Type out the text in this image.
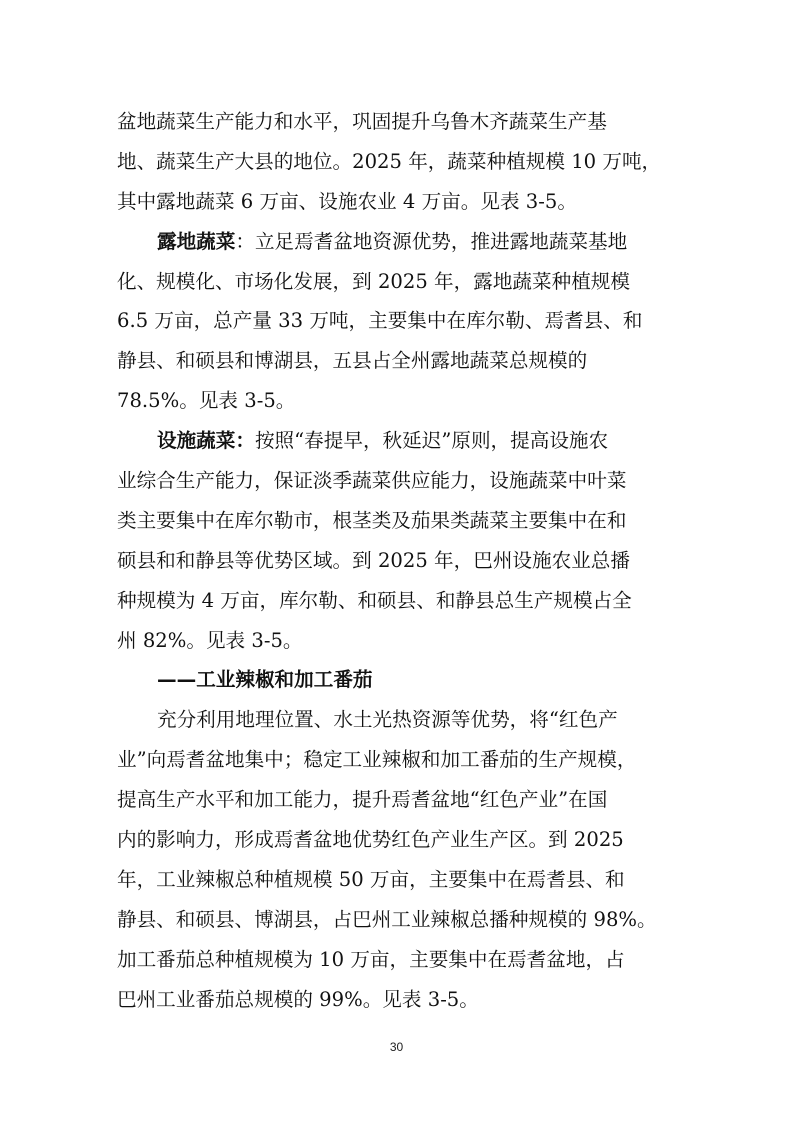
盆地蔬菜生产能力和水平，巩固提升乌鲁木齐蔬菜生产基
地、蔬菜生产大县的地位。2025 年，蔬菜种植规模 10 万吨，
其中露地蔬菜 6 万亩、设施农业 4 万亩。见表 3-5。
露地蔬菜：立足焉耆盆地资源优势，推进露地蔬菜基地
化、规模化、市场化发展，到 2025 年，露地蔬菜种植规模
6.5 万亩，总产量 33 万吨，主要集中在库尔勒、焉耆县、和
静县、和硕县和博湖县，五县占全州露地蔬菜总规模的
78.5%。见表 3-5。
设施蔬菜：按照“春提早，秋延迟”原则，提高设施农
业综合生产能力，保证淡季蔬菜供应能力，设施蔬菜中叶菜
类主要集中在库尔勒市，根茎类及茄果类蔬菜主要集中在和
硕县和和静县等优势区域。到 2025 年，巴州设施农业总播
种规模为 4 万亩，库尔勒、和硕县、和静县总生产规模占全
州 82%。见表 3-5。
——工业辣椒和加工番茄
充分利用地理位置、水土光热资源等优势，将“红色产
业”向焉耆盆地集中；稳定工业辣椒和加工番茄的生产规模，
提高生产水平和加工能力，提升焉耆盆地“红色产业”在国
内的影响力，形成焉耆盆地优势红色产业生产区。到 2025
年，工业辣椒总种植规模 50 万亩，主要集中在焉耆县、和
静县、和硕县、博湖县，占巴州工业辣椒总播种规模的 98%。
加工番茄总种植规模为 10 万亩，主要集中在焉耆盆地，占
巴州工业番茄总规模的 99%。见表 3-5。
30
